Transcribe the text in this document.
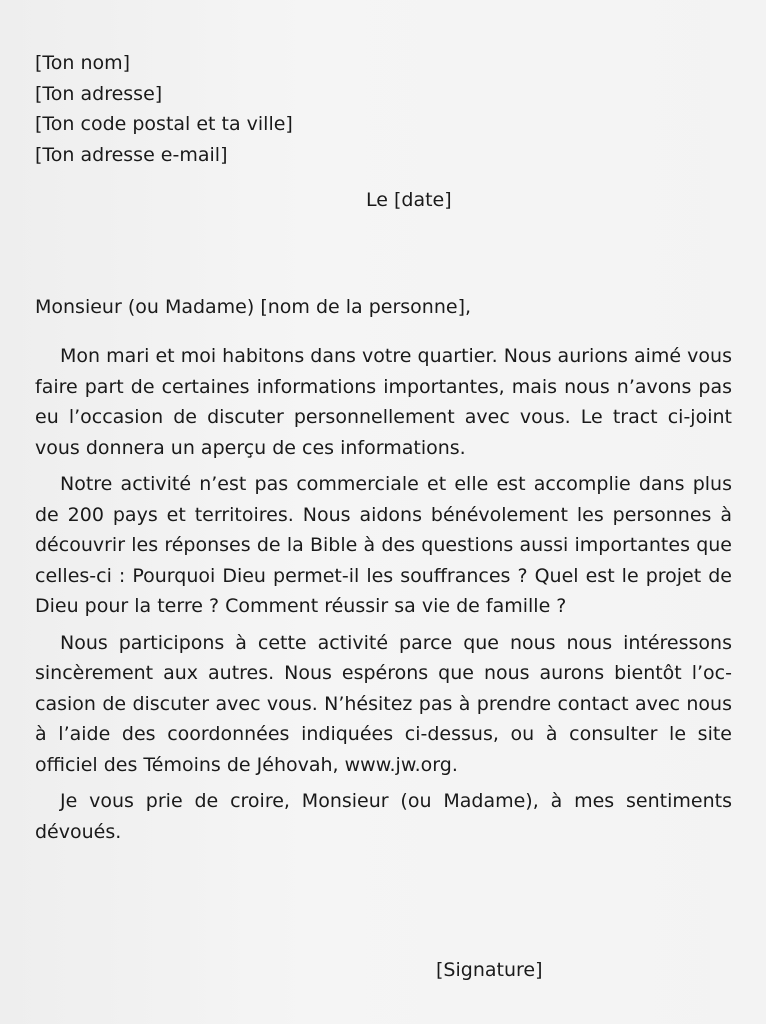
[Ton nom]
[Ton adresse]
[Ton code postal et ta ville]
[Ton adresse e-mail]
Le [date]
Monsieur (ou Madame) [nom de la personne],

Mon mari et moi habitons dans votre quartier. Nous aurions aimé vous faire part de certaines informations importantes, mais nous n’avons pas eu l’occasion de discuter personnellement avec vous. Le tract ci-joint vous donnera un aperçu de ces informations.

Notre activité n’est pas commerciale et elle est accomplie dans plus de 200 pays et territoires. Nous aidons bénévolement les personnes à découvrir les réponses de la Bible à des questions aussi importantes que celles-ci : Pourquoi Dieu permet-il les souffrances ? Quel est le projet de Dieu pour la terre ? Comment réussir sa vie de famille ?

Nous participons à cette activité parce que nous nous intéressons sincèrement aux autres. Nous espérons que nous aurons bientôt l’occasion de discuter avec vous. N’hésitez pas à prendre contact avec nous à l’aide des coordonnées indiquées ci-dessus, ou à consulter le site officiel des Témoins de Jéhovah, www.jw.org.

Je vous prie de croire, Monsieur (ou Madame), à mes sentiments dévoués.

[Signature]
